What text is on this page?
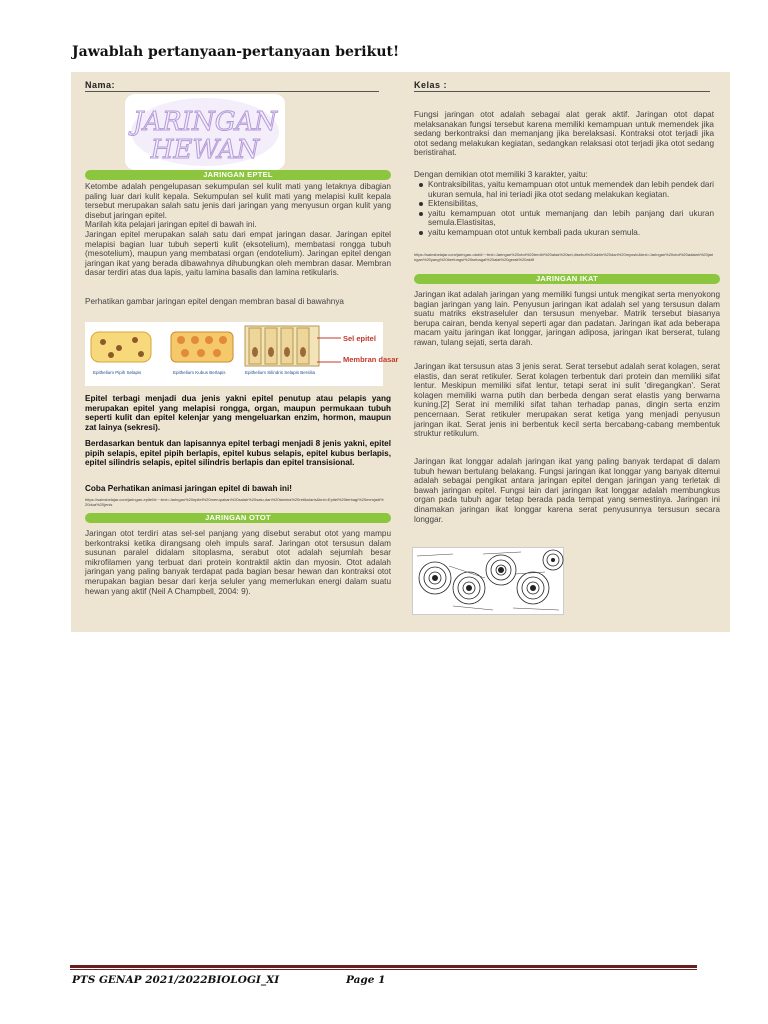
Jawablah pertanyaan-pertanyaan berikut!
Nama:
JARINGAN
HEWAN
JARINGAN EPTEL
Ketombe adalah pengelupasan sekumpulan sel kulit mati yang letaknya dibagian paling luar dari kulit kepala. Sekumpulan sel kulit mati yang melapisi kulit kepala tersebut merupakan salah satu jenis dari jaringan yang menyusun organ kulit yang disebut jaringan epitel.
Marilah kita pelajari jaringan epitel di bawah ini.
Jaringan epitel merupakan salah satu dari empat jaringan dasar. Jaringan epitel melapisi bagian luar tubuh seperti kulit (eksotelium), membatasi rongga tubuh (mesotelium), maupun yang membatasi organ (endotelium). Jaringan epitel dengan jaringan ikat yang berada dibawahnya dihubungkan oleh membran dasar. Membran dasar terdiri atas dua lapis, yaitu lamina basalis dan lamina retikularis.
Perhatikan gambar jaringan epitel dengan membran basal di bawahnya
Sel epitel
Membran dasar
Epithelium Pipih Selapis	Epithelium Kubus Berlapis	Epithelium Silindris Selapis Bersilia
Epitel terbagi menjadi dua jenis yakni epitel penutup atau pelapis yang merupakan epitel yang melapisi rongga, organ, maupun permukaan tubuh seperti kulit dan epitel kelenjar yang mengeluarkan enzim, hormon, maupun zat lainya (sekresi).
Berdasarkan bentuk dan lapisannya epitel terbagi menjadi 8 jenis yakni, epitel pipih selapis, epitel pipih berlapis, epitel kubus selapis, epitel kubus berlapis, epitel silindris selapis, epitel silindris berlapis dan epitel transisional.
Coba Perhatikan animasi jaringan epitel di bawah ini!
https://sainsbelajar.com/jaringan-epitel/#:~:text=Jaringan%20epitel%20merupakan%20salah%20satu,dan%20lamina%20retikularis&text=Epitel%20terbagi%20menjadi%20dua%20jenis
JARINGAN OTOT
Jaringan otot terdiri atas sel-sel panjang yang disebut serabut otot yang mampu berkontraksi ketika dirangsang oleh impuls saraf. Jaringan otot tersusun dalam susunan paralel didalam sitoplasma, serabut otot adalah sejumlah besar mikrofilamen yang terbuat dari protein kontraktil aktin dan myosin. Otot adalah jaringan yang paling banyak terdapat pada bagian besar hewan dan kontraksi otot merupakan bagian besar dari kerja seluler yang memerlukan energi dalam suatu hewan yang aktif (Neil A Champbell, 2004: 9).
Kelas :
Fungsi jaringan otot adalah sebagai alat gerak aktif. Jaringan otot dapat melaksanakan fungsi tersebut karena memiliki kemampuan untuk memendek jika sedang berkontraksi dan memanjang jika berelaksasi. Kontraksi otot terjadi jika otot sedang melakukan kegiatan, sedangkan relaksasi otot terjadi jika otot sedang beristirahat.
Dengan demikian otot memiliki 3 karakter, yaitu:
Kontraksibilitas, yaitu kemampuan otot untuk memendek dan lebih pendek dari ukuran semula, hal ini teriadi jika otot sedang melakukan kegiatan.
Ektensibilitas,
yaitu kemampuan otot untuk memanjang dan lebih panjang dari ukuran semula.Elastisitas,
yaitu kemampuan otot untuk kembali pada ukuran semula.
https://sainsbelajar.com/jaringan-otot/#:~:text=Jaringan%20otot%20terdiri%20atas%20sel,disebut%20aktin%20dan%20myosin&text=Jaringan%20otot%20adalah%20jaringan%20yang%20berfungsi%20sebagai%20alat%20gerak%20aktif
JARINGAN IKAT
Jaringan ikat adalah jaringan yang memiliki fungsi untuk mengikat serta menyokong bagian jaringan yang lain. Penyusun jaringan ikat adalah sel yang tersusun dalam suatu matriks ekstraseluler dan tersusun menyebar. Matrik tersebut biasanya berupa cairan, benda kenyal seperti agar dan padatan. Jaringan ikat ada beberapa macam yaitu jaringan ikat longgar, jaringan adiposa, jaringan ikat berserat, tulang rawan, tulang sejati, serta darah.
Jaringan ikat tersusun atas 3 jenis serat. Serat tersebut adalah serat kolagen, serat elastis, dan serat retikuler. Serat kolagen terbentuk dari protein dan memiliki sifat lentur. Meskipun memiliki sifat lentur, tetapi serat ini sulit 'diregangkan'. Serat kolagen memiliki warna putih dan berbeda dengan serat elastis yang berwarna kuning.[2] Serat ini memiliki sifat tahan terhadap panas, dingin serta enzim pencernaan. Serat retikuler merupakan serat ketiga yang menjadi penyusun jaringan ikat. Serat jenis ini berbentuk kecil serta bercabang-cabang membentuk struktur retikulum.
Jaringan ikat longgar adalah jaringan ikat yang paling banyak terdapat di dalam tubuh hewan bertulang belakang. Fungsi jaringan ikat longgar yang banyak ditemui adalah sebagai pengikat antara jaringan epitel dengan jaringan yang terletak di bawah jaringan epitel. Fungsi lain dari jaringan ikat longgar adalah membungkus organ pada tubuh agar tetap berada pada tempat yang semestinya. Jaringan ini dinamakan jaringan ikat longgar karena serat penyusunnya tersusun secara longgar.
PTS GENAP 2021/2022BIOLOGI_XI	Page 1
